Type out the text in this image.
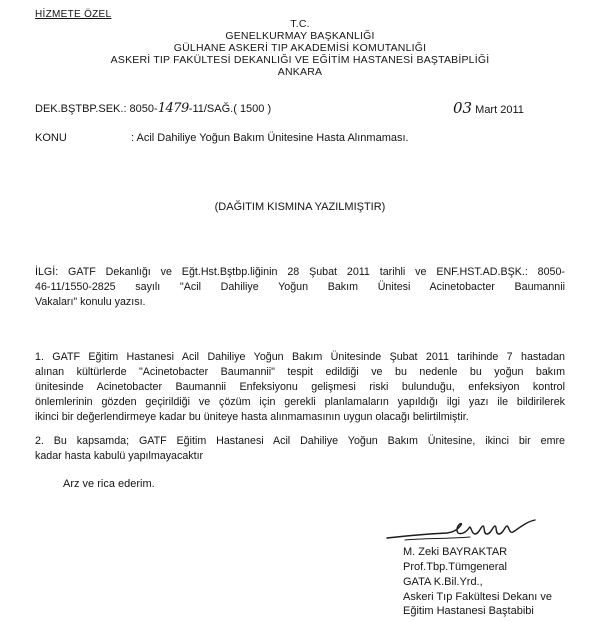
HİZMETE ÖZEL
T.C.
GENELKURMAY BAŞKANLIĞI
GÜLHANE ASKERİ TIP AKADEMİSİ KOMUTANLIĞI
ASKERİ TIP FAKÜLTESİ DEKANLIĞI VE EĞİTİM HASTANESİ BAŞTABİPLİĞİ
ANKARA
DEK.BŞTBP.SEK.: 8050-1479-11/SAĞ.( 1500 )	03 Mart 2011
KONU	: Acil Dahiliye Yoğun Bakım Ünitesine Hasta Alınmaması.
(DAĞITIM KISMINA YAZILMIŞTIR)
İLGİ: GATF Dekanlığı ve Eğt.Hst.Bştbp.liğinin 28 Şubat 2011 tarihli ve ENF.HST.AD.BŞK.: 8050-
46-11/1550-2825 sayılı "Acil Dahiliye Yoğun Bakım Ünitesi Acinetobacter Baumannii
Vakaları" konulu yazısı.
1. GATF Eğitim Hastanesi Acil Dahiliye Yoğun Bakım Ünitesinde Şubat 2011 tarihinde 7 hastadan
alınan kültürlerde "Acinetobacter Baumannii" tespit edildiği ve bu nedenle bu yoğun bakım
ünitesinde Acinetobacter Baumannii Enfeksiyonu gelişmesi riski bulunduğu, enfeksiyon kontrol
önlemlerinin gözden geçirildiği ve çözüm için gerekli planlamaların yapıldığı ilgi yazı ile bildirilerek
ikinci bir değerlendirmeye kadar bu üniteye hasta alınmamasının uygun olacağı belirtilmiştir.
2. Bu kapsamda; GATF Eğitim Hastanesi Acil Dahiliye Yoğun Bakım Ünitesine, ikinci bir emre
kadar hasta kabulü yapılmayacaktır
Arz ve rica ederim.
M. Zeki BAYRAKTAR
Prof.Tbp.Tümgeneral
GATA K.Bil.Yrd.,
Askeri Tıp Fakültesi Dekanı ve
Eğitim Hastanesi Baştabibi
